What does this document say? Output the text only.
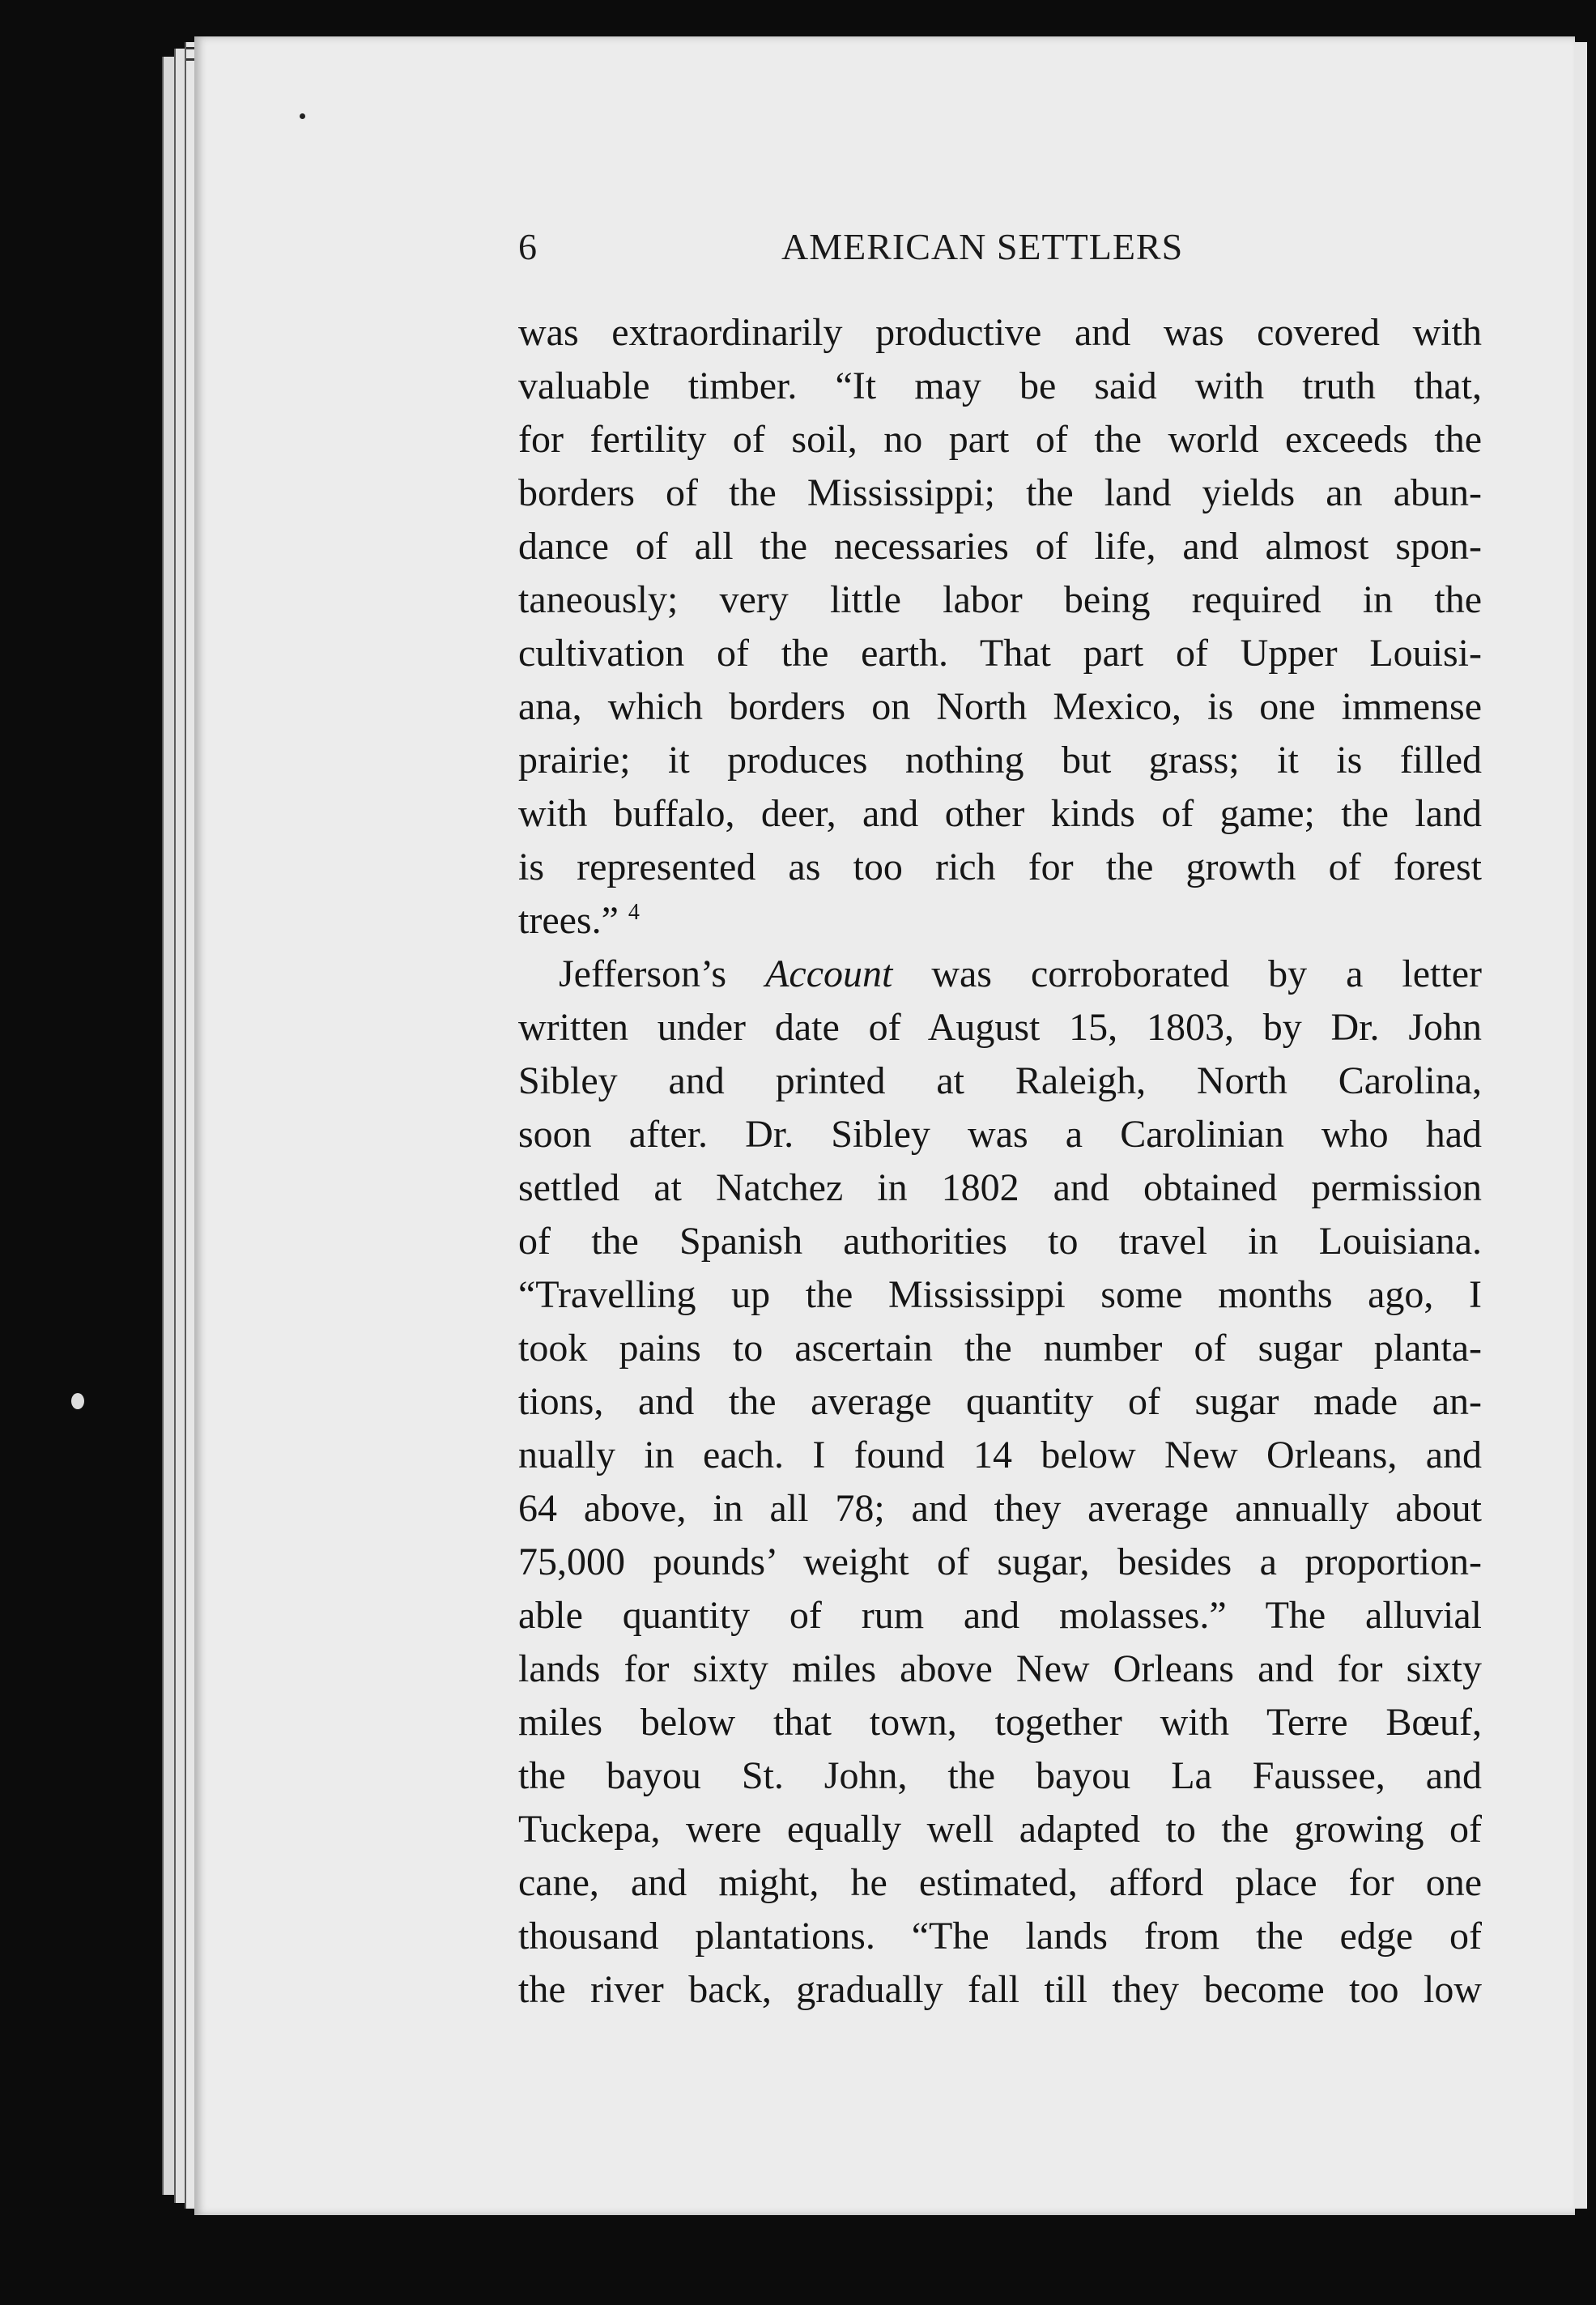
6	AMERICAN SETTLERS
was extraordinarily productive and was covered with
valuable timber. “It may be said with truth that,
for fertility of soil, no part of the world exceeds the
borders of the Mississippi; the land yields an abun-
dance of all the necessaries of life, and almost spon-
taneously; very little labor being required in the
cultivation of the earth. That part of Upper Louisi-
ana, which borders on North Mexico, is one immense
prairie; it produces nothing but grass; it is filled
with buffalo, deer, and other kinds of game; the land
is represented as too rich for the growth of forest
trees.” $^4$
Jefferson’s Account was corroborated by a letter
written under date of August 15, 1803, by Dr. John
Sibley and printed at Raleigh, North Carolina,
soon after. Dr. Sibley was a Carolinian who had
settled at Natchez in 1802 and obtained permission
of the Spanish authorities to travel in Louisiana.
“Travelling up the Mississippi some months ago, I
took pains to ascertain the number of sugar planta-
tions, and the average quantity of sugar made an-
nually in each. I found 14 below New Orleans, and
64 above, in all 78; and they average annually about
75,000 pounds’ weight of sugar, besides a proportion-
able quantity of rum and molasses.” The alluvial
lands for sixty miles above New Orleans and for sixty
miles below that town, together with Terre Bœuf,
the bayou St. John, the bayou La Faussee, and
Tuckepa, were equally well adapted to the growing of
cane, and might, he estimated, afford place for one
thousand plantations. “The lands from the edge of
the river back, gradually fall till they become too low
